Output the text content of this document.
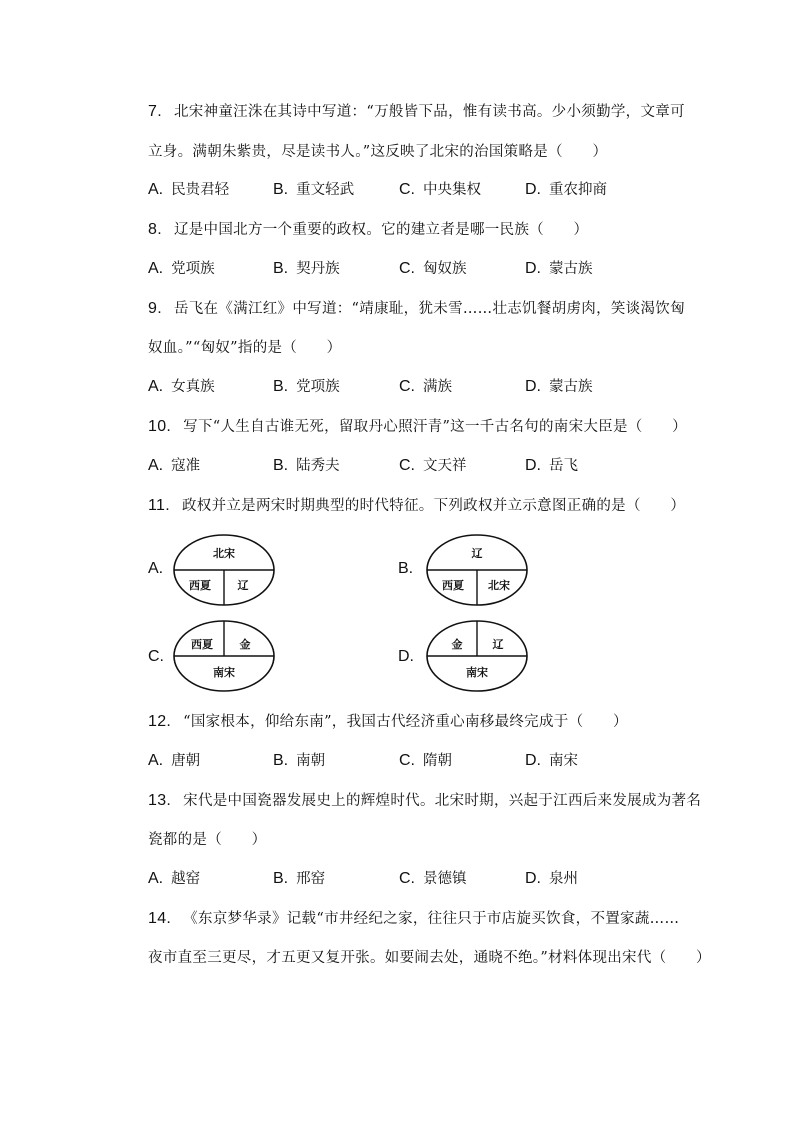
7. 北宋神童汪洙在其诗中写道：“万般皆下品，惟有读书高。少小须勤学，文章可
立身。满朝朱紫贵，尽是读书人。”这反映了北宋的治国策略是（　　）
A. 民贵君轻	B. 重文轻武	C. 中央集权	D. 重农抑商
8. 辽是中国北方一个重要的政权。它的建立者是哪一民族（　　）
A. 党项族	B. 契丹族	C. 匈奴族	D. 蒙古族
9. 岳飞在《满江红》中写道：“靖康耻，犹未雪……壮志饥餐胡虏肉，笑谈渴饮匈
奴血。”“匈奴”指的是（　　）
A. 女真族	B. 党项族	C. 满族	D. 蒙古族
10. 写下“人生自古谁无死，留取丹心照汗青”这一千古名句的南宋大臣是（　　）
A. 寇准	B. 陆秀夫	C. 文天祥	D. 岳飞
11. 政权并立是两宋时期典型的时代特征。下列政权并立示意图正确的是（　　）
A.
北宋
西夏 辽
B.
辽
西夏 北宋
C.
西夏 金
南宋
D.
金	辽
南宋
12. “国家根本，仰给东南”，我国古代经济重心南移最终完成于（　　）
A. 唐朝	B. 南朝	C. 隋朝	D. 南宋
13. 宋代是中国瓷器发展史上的辉煌时代。北宋时期，兴起于江西后来发展成为著名
瓷都的是（　　）
A. 越窑	B. 邢窑	C. 景德镇	D. 泉州
14. 《东京梦华录》记载“市井经纪之家，往往只于市店旋买饮食，不置家蔬……
夜市直至三更尽，才五更又复开张。如要闹去处，通晓不绝。”材料体现出宋代（　　）
